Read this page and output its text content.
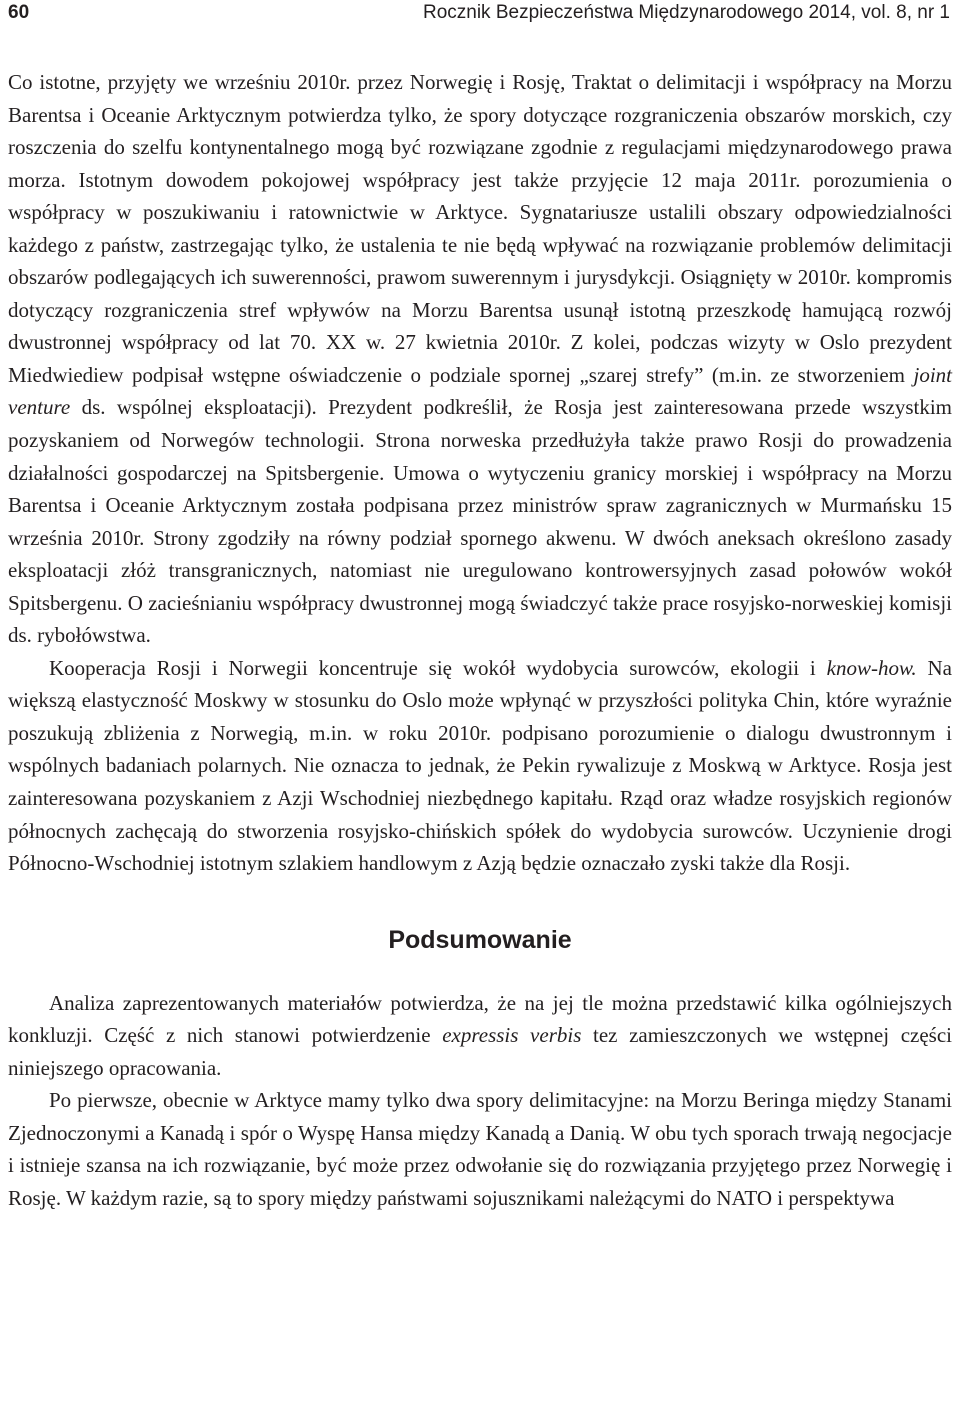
60	Rocznik Bezpieczeństwa Międzynarodowego 2014, vol. 8, nr 1

Co istotne, przyjęty we wrześniu 2010r. przez Norwegię i Rosję, Traktat o delimitacji i współpracy na Morzu Barentsa i Oceanie Arktycznym potwierdza tylko, że spory dotyczące rozgraniczenia obszarów morskich, czy roszczenia do szelfu kontynentalnego mogą być rozwiązane zgodnie z regulacjami międzynarodowego prawa morza. Istotnym dowodem pokojowej współpracy jest także przyjęcie 12 maja 2011r. porozumienia o współpracy w poszukiwaniu i ratownictwie w Arktyce. Sygnatariusze ustalili obszary odpowiedzialności każdego z państw, zastrzegając tylko, że ustalenia te nie będą wpływać na rozwiązanie problemów delimitacji obszarów podlegających ich suwerenności, prawom suwerennym i jurysdykcji. Osiągnięty w 2010r. kompromis dotyczący rozgraniczenia stref wpływów na Morzu Barentsa usunął istotną przeszkodę hamującą rozwój dwustronnej współpracy od lat 70. XX w. 27 kwietnia 2010r. Z kolei, podczas wizyty w Oslo prezydent Miedwiediew podpisał wstępne oświadczenie o podziale spornej „szarej strefy” (m.in. ze stworzeniem joint venture ds. wspólnej eksploatacji). Prezydent podkreślił, że Rosja jest zainteresowana przede wszystkim pozyskaniem od Norwegów technologii. Strona norweska przedłużyła także prawo Rosji do prowadzenia działalności gospodarczej na Spitsbergenie. Umowa o wytyczeniu granicy morskiej i współpracy na Morzu Barentsa i Oceanie Arktycznym została podpisana przez ministrów spraw zagranicznych w Murmańsku 15 września 2010r. Strony zgodziły na równy podział spornego akwenu. W dwóch aneksach określono zasady eksploatacji złóż transgranicznych, natomiast nie uregulowano kontrowersyjnych zasad połowów wokół Spitsbergenu. O zacieśnianiu współpracy dwustronnej mogą świadczyć także prace rosyjsko-norweskiej komisji ds. rybołówstwa.

Kooperacja Rosji i Norwegii koncentruje się wokół wydobycia surowców, ekologii i know-how. Na większą elastyczność Moskwy w stosunku do Oslo może wpłynąć w przyszłości polityka Chin, które wyraźnie poszukują zbliżenia z Norwegią, m.in. w roku 2010r. podpisano porozumienie o dialogu dwustronnym i wspólnych badaniach polarnych. Nie oznacza to jednak, że Pekin rywalizuje z Moskwą w Arktyce. Rosja jest zainteresowana pozyskaniem z Azji Wschodniej niezbędnego kapitału. Rząd oraz władze rosyjskich regionów północnych zachęcają do stworzenia rosyjsko-chińskich spółek do wydobycia surowców. Uczynienie drogi Północno-Wschodniej istotnym szlakiem handlowym z Azją będzie oznaczało zyski także dla Rosji.

Podsumowanie

Analiza zaprezentowanych materiałów potwierdza, że na jej tle można przedstawić kilka ogólniejszych konkluzji. Część z nich stanowi potwierdzenie expressis verbis tez zamieszczonych we wstępnej części niniejszego opracowania.

Po pierwsze, obecnie w Arktyce mamy tylko dwa spory delimitacyjne: na Morzu Beringa między Stanami Zjednoczonymi a Kanadą i spór o Wyspę Hansa między Kanadą a Danią. W obu tych sporach trwają negocjacje i istnieje szansa na ich rozwiązanie, być może przez odwołanie się do rozwiązania przyjętego przez Norwegię i Rosję. W każdym razie, są to spory między państwami sojusznikami należącymi do NATO i perspektywa
